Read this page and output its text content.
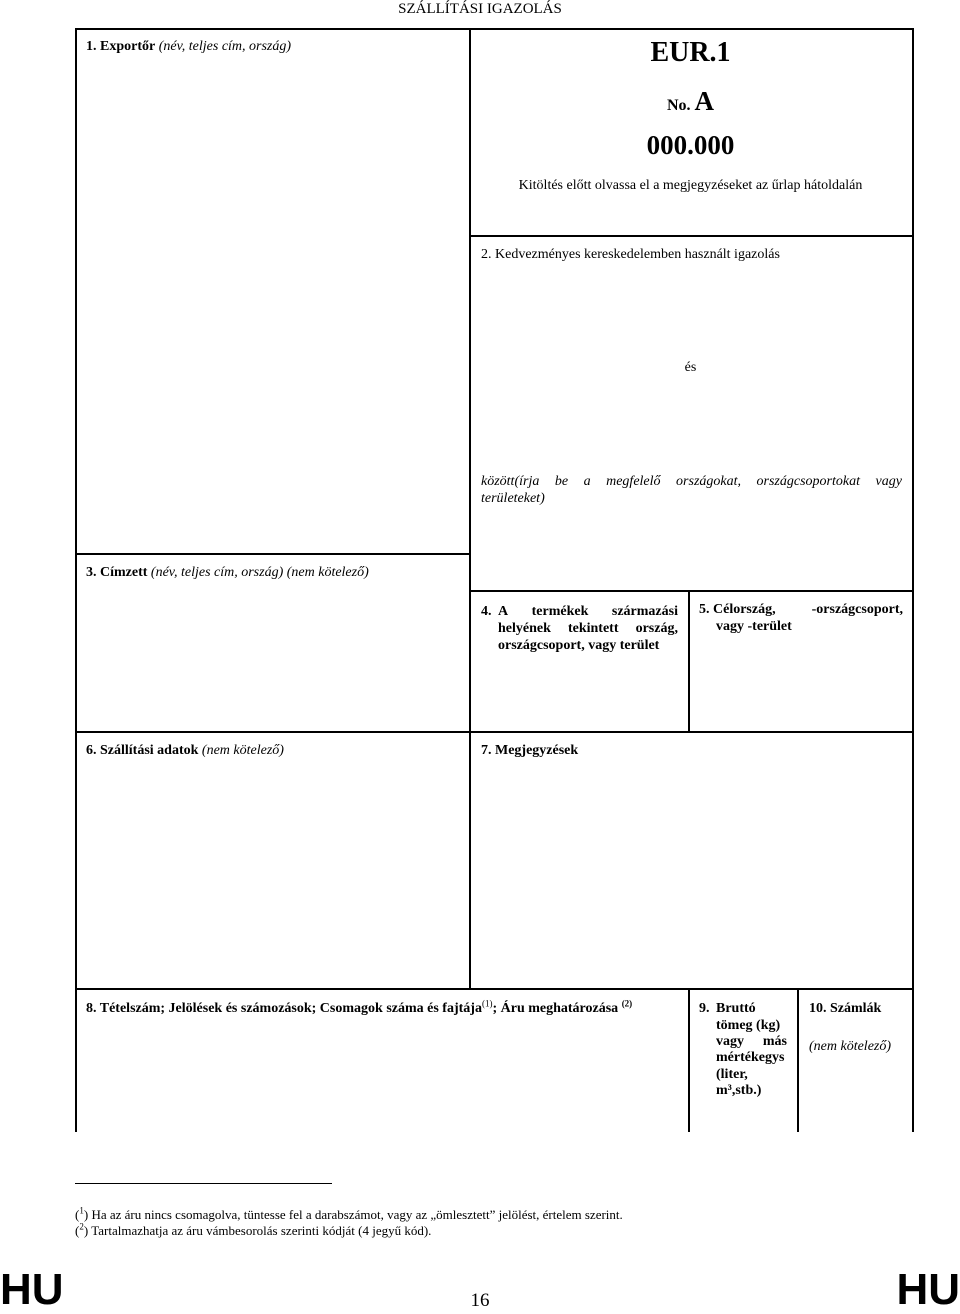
SZÁLLÍTÁSI IGAZOLÁS
1. Exportőr (név, teljes cím, ország)	EUR.1
No. A
000.000
Kitöltés előtt olvassa el a megjegyzéseket az űrlap hátoldalán
2. Kedvezményes kereskedelemben használt igazolás
és
között(írja be a megfelelő országokat, országcsoportokat vagy
területeket)
3. Címzett (név, teljes cím, ország) (nem kötelező)
4. A termékek származási
helyének tekintett ország,
országcsoport, vagy terület
5. Célország,	-országcsoport,
vagy -terület
6. Szállítási adatok (nem kötelező)	7. Megjegyzések
8. Tételszám; Jelölések és számozások; Csomagok száma és fajtája$^{(1)}$; Áru meghatározása $^{(2)}$	9. Bruttó
tömeg (kg)
vagy más
mértékegys
(liter,
m³,stb.)
10. Számlák
(nem kötelező)
($^1$) Ha az áru nincs csomagolva, tüntesse fel a darabszámot, vagy az „ömlesztett” jelölést, értelem szerint.
($^2$) Tartalmazhatja az áru vámbesorolás szerinti kódját (4 jegyű kód).
HU	16	HU
